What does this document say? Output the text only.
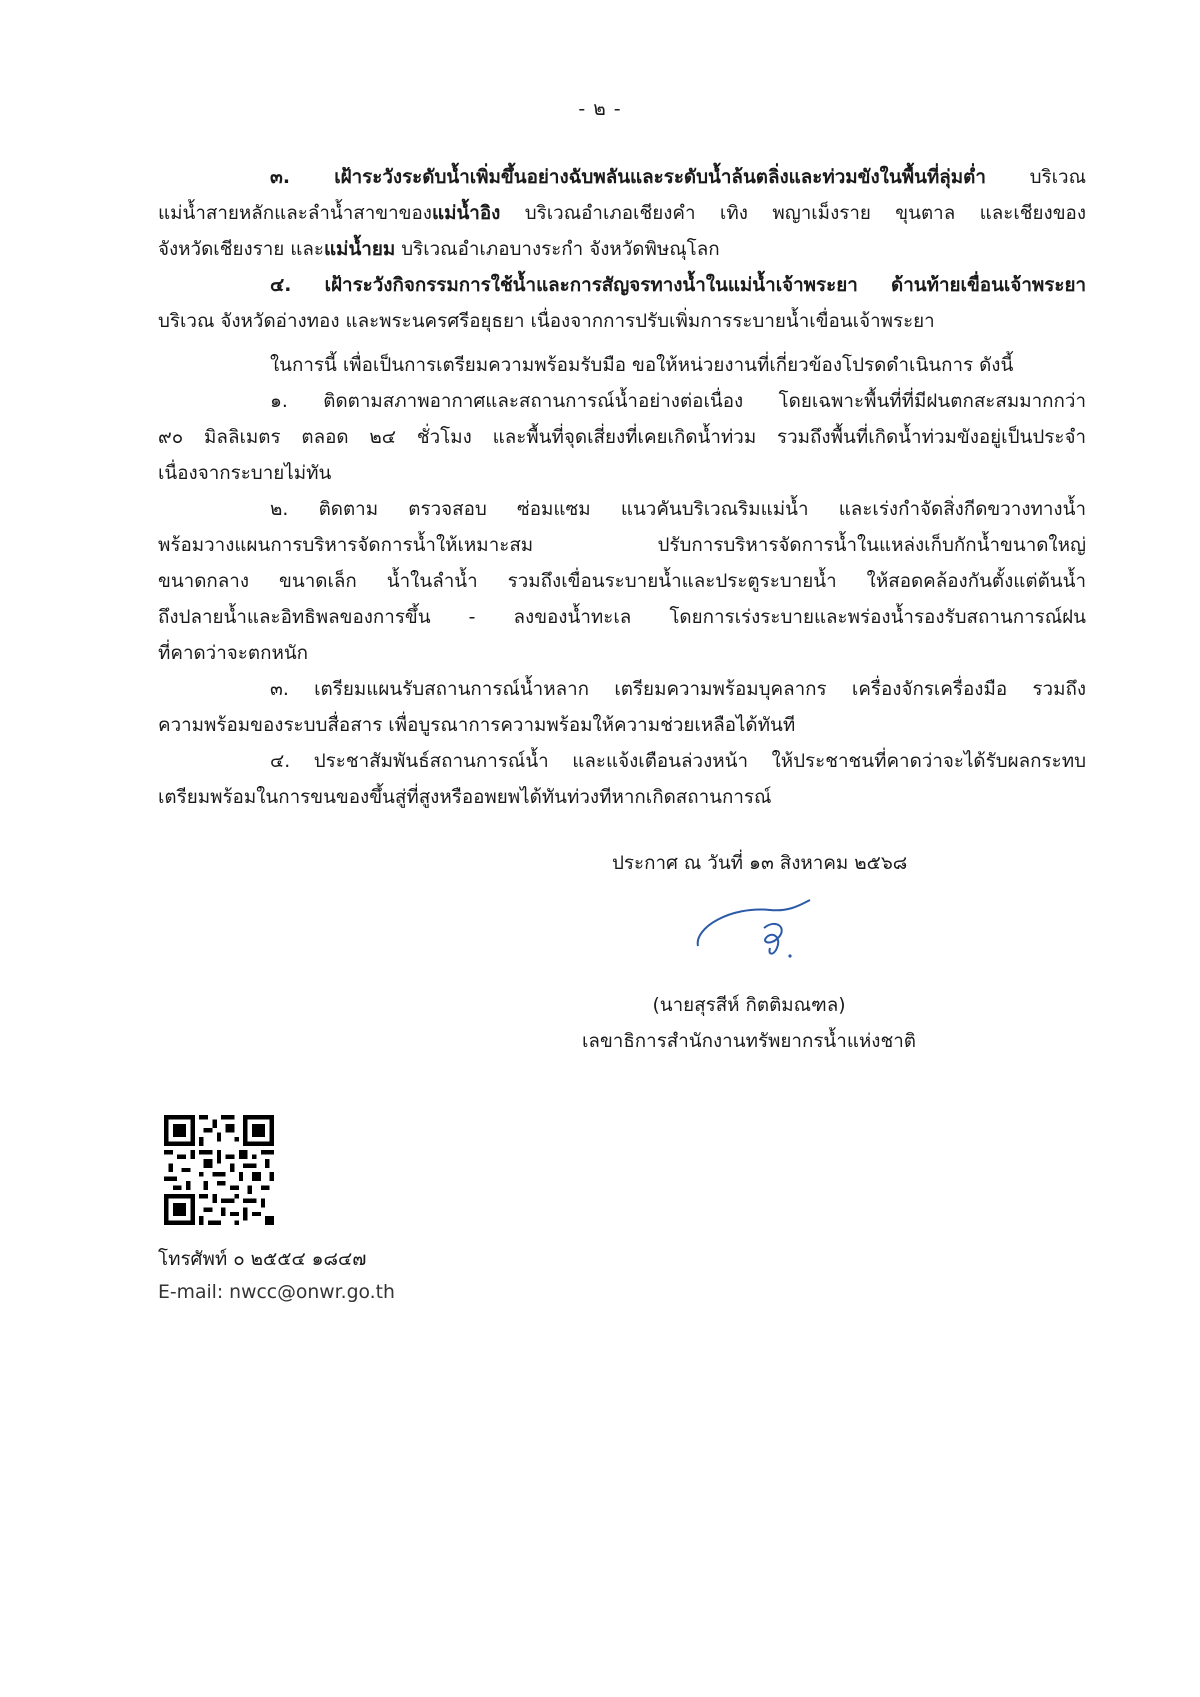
- ๒ -
๓. เฝ้าระวังระดับน้ำเพิ่มขึ้นอย่างฉับพลันและระดับน้ำล้นตลิ่งและท่วมขังในพื้นที่ลุ่มต่ำ บริเวณ
แม่น้ำสายหลักและลำน้ำสาขาของแม่น้ำอิง บริเวณอำเภอเชียงคำ เทิง พญาเม็งราย ขุนตาล และเชียงของ
จังหวัดเชียงราย และแม่น้ำยม บริเวณอำเภอบางระกำ จังหวัดพิษณุโลก
๔. เฝ้าระวังกิจกรรมการใช้น้ำและการสัญจรทางน้ำในแม่น้ำเจ้าพระยา ด้านท้ายเขื่อนเจ้าพระยา
บริเวณ จังหวัดอ่างทอง และพระนครศรีอยุธยา เนื่องจากการปรับเพิ่มการระบายน้ำเขื่อนเจ้าพระยา
ในการนี้ เพื่อเป็นการเตรียมความพร้อมรับมือ ขอให้หน่วยงานที่เกี่ยวข้องโปรดดำเนินการ ดังนี้
๑. ติดตามสภาพอากาศและสถานการณ์น้ำอย่างต่อเนื่อง โดยเฉพาะพื้นที่ที่มีฝนตกสะสมมากกว่า
๙๐ มิลลิเมตร ตลอด ๒๔ ชั่วโมง และพื้นที่จุดเสี่ยงที่เคยเกิดน้ำท่วม รวมถึงพื้นที่เกิดน้ำท่วมขังอยู่เป็นประจำ
เนื่องจากระบายไม่ทัน
๒. ติดตาม ตรวจสอบ ซ่อมแซม แนวคันบริเวณริมแม่น้ำ และเร่งกำจัดสิ่งกีดขวางทางน้ำ
พร้อมวางแผนการบริหารจัดการน้ำให้เหมาะสม ปรับการบริหารจัดการน้ำในแหล่งเก็บกักน้ำขนาดใหญ่
ขนาดกลาง ขนาดเล็ก น้ำในลำน้ำ รวมถึงเขื่อนระบายน้ำและประตูระบายน้ำ ให้สอดคล้องกันตั้งแต่ต้นน้ำ
ถึงปลายน้ำและอิทธิพลของการขึ้น - ลงของน้ำทะเล โดยการเร่งระบายและพร่องน้ำรองรับสถานการณ์ฝน
ที่คาดว่าจะตกหนัก
๓. เตรียมแผนรับสถานการณ์น้ำหลาก เตรียมความพร้อมบุคลากร เครื่องจักรเครื่องมือ รวมถึง
ความพร้อมของระบบสื่อสาร เพื่อบูรณาการความพร้อมให้ความช่วยเหลือได้ทันที
๔. ประชาสัมพันธ์สถานการณ์น้ำ และแจ้งเตือนล่วงหน้า ให้ประชาชนที่คาดว่าจะได้รับผลกระทบ
เตรียมพร้อมในการขนของขึ้นสู่ที่สูงหรืออพยพได้ทันท่วงทีหากเกิดสถานการณ์
ประกาศ ณ วันที่ ๑๓ สิงหาคม ๒๕๖๘
(นายสุรสีห์ กิตติมณฑล)
เลขาธิการสำนักงานทรัพยากรน้ำแห่งชาติ
โทรศัพท์ ๐ ๒๕๕๔ ๑๘๔๗
E-mail: nwcc@onwr.go.th
